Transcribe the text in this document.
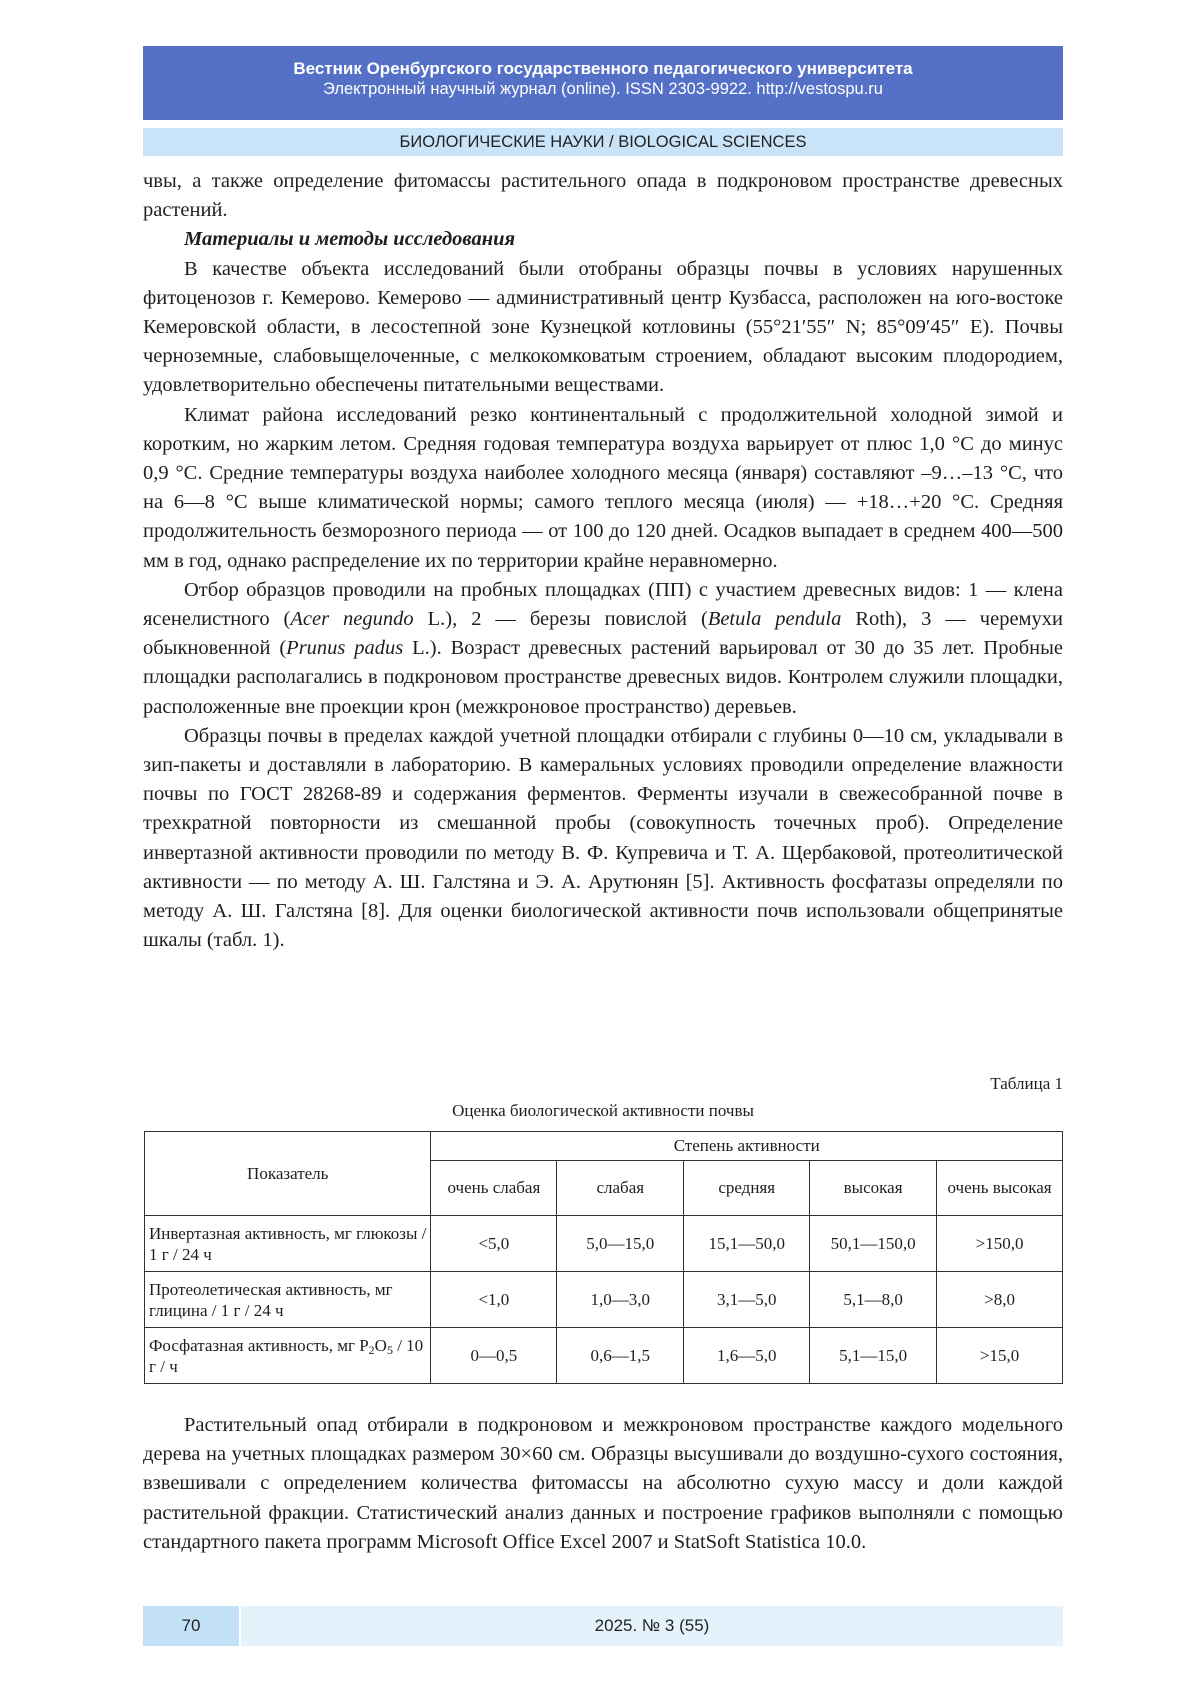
Вестник Оренбургского государственного педагогического университета
Электронный научный журнал (online). ISSN 2303-9922. http://vestospu.ru
БИОЛОГИЧЕСКИЕ НАУКИ / BIOLOGICAL SCIENCES

чвы, а также определение фитомассы растительного опада в подкроновом пространстве древесных растений.

Материалы и методы исследования

В качестве объекта исследований были отобраны образцы почвы в условиях нарушенных фитоценозов г. Кемерово. Кемерово — административный центр Кузбасса, расположен на юго-востоке Кемеровской области, в лесостепной зоне Кузнецкой котловины (55°21′55″ N; 85°09′45″ E). Почвы черноземные, слабовыщелоченные, с мелкокомковатым строением, обладают высоким плодородием, удовлетворительно обеспечены питательными веществами.

Климат района исследований резко континентальный с продолжительной холодной зимой и коротким, но жарким летом. Средняя годовая температура воздуха варьирует от плюс 1,0 °С до минус 0,9 °С. Средние температуры воздуха наиболее холодного месяца (января) составляют –9…–13 °С, что на 6—8 °С выше климатической нормы; самого теплого месяца (июля) — +18…+20 °С. Средняя продолжительность безморозного периода — от 100 до 120 дней. Осадков выпадает в среднем 400—500 мм в год, однако распределение их по территории крайне неравномерно.

Отбор образцов проводили на пробных площадках (ПП) с участием древесных видов: 1 — клена ясенелистного (Acer negundo L.), 2 — березы повислой (Betula pendula Roth), 3 — черемухи обыкновенной (Prunus padus L.). Возраст древесных растений варьировал от 30 до 35 лет. Пробные площадки располагались в подкроновом пространстве древесных видов. Контролем служили площадки, расположенные вне проекции крон (межкроновое пространство) деревьев.

Образцы почвы в пределах каждой учетной площадки отбирали с глубины 0—10 см, укладывали в зип-пакеты и доставляли в лабораторию. В камеральных условиях проводили определение влажности почвы по ГОСТ 28268-89 и содержания ферментов. Ферменты изучали в свежесобранной почве в трехкратной повторности из смешанной пробы (совокупность точечных проб). Определение инвертазной активности проводили по методу В. Ф. Купревича и Т. А. Щербаковой, протеолитической активности — по методу А. Ш. Галстяна и Э. А. Арутюнян [5]. Активность фосфатазы определяли по методу А. Ш. Галстяна [8]. Для оценки биологической активности почв использовали общепринятые шкалы (табл. 1).

Таблица 1
Оценка биологической активности почвы
Показатель	Степень активности				
	очень слабая	слабая	средняя	высокая	очень высокая
Инвертазная активность, мг глюкозы / 1 г / 24 ч	<5,0	5,0—15,0	15,1—50,0	50,1—150,0	>150,0
Протеолетическая активность, мг глицина / 1 г / 24 ч	<1,0	1,0—3,0	3,1—5,0	5,1—8,0	>8,0
Фосфатазная активность, мг $P_2O_5 / 10$ г / ч	0—0,5	0,6—1,5	1,6—5,0	5,1—15,0	>15,0

Растительный опад отбирали в подкроновом и межкроновом пространстве каждого модельного дерева на учетных площадках размером 30×60 см. Образцы высушивали до воздушно-сухого состояния, взвешивали с определением количества фитомассы на абсолютно сухую массу и доли каждой растительной фракции. Статистический анализ данных и построение графиков выполняли с помощью стандартного пакета программ Microsoft Office Excel 2007 и StatSoft Statistica 10.0.

70	2025. № 3 (55)
